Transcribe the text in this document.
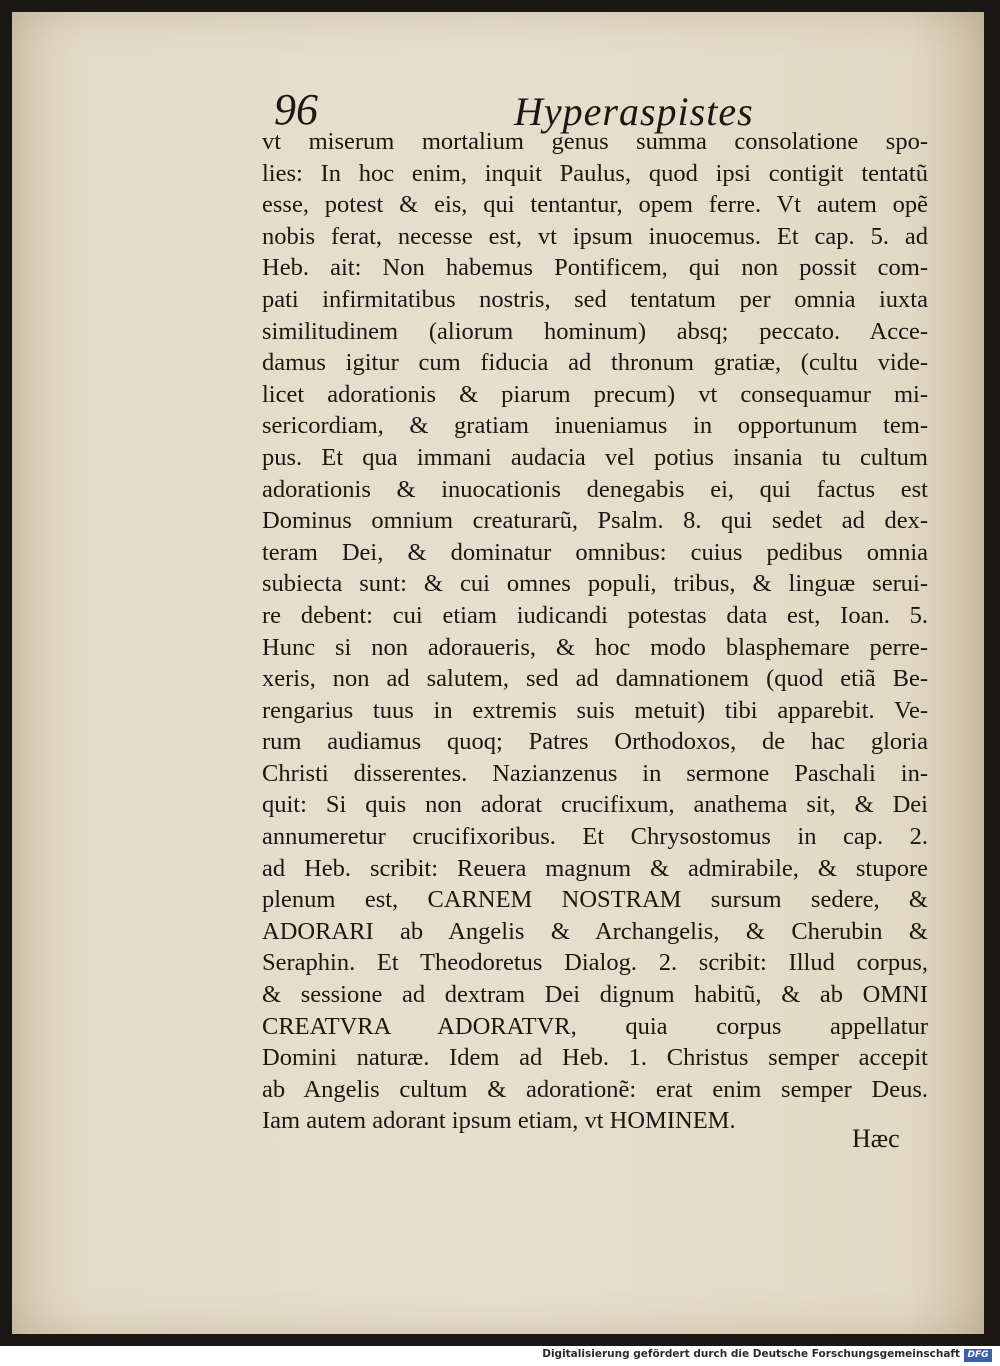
96	Hyperaspistes
vt miserum mortalium genus summa consolatione spo-
lies: In hoc enim, inquit Paulus, quod ipsi contigit tentatũ
esse, potest & eis, qui tentantur, opem ferre. Vt autem opẽ
nobis ferat, necesse est, vt ipsum inuocemus. Et cap. 5. ad
Heb. ait: Non habemus Pontificem, qui non possit com-
pati infirmitatibus nostris, sed tentatum per omnia iuxta
similitudinem (aliorum hominum) absq; peccato. Acce-
damus igitur cum fiducia ad thronum gratiæ, (cultu vide-
licet adorationis & piarum precum) vt consequamur mi-
sericordiam, & gratiam inueniamus in opportunum tem-
pus. Et qua immani audacia vel potius insania tu cultum
adorationis & inuocationis denegabis ei, qui factus est
Dominus omnium creaturarũ, Psalm. 8. qui sedet ad dex-
teram Dei, & dominatur omnibus: cuius pedibus omnia
subiecta sunt: & cui omnes populi, tribus, & linguæ serui-
re debent: cui etiam iudicandi potestas data est, Ioan. 5.
Hunc si non adoraueris, & hoc modo blasphemare perre-
xeris, non ad salutem, sed ad damnationem (quod etiã Be-
rengarius tuus in extremis suis metuit) tibi apparebit. Ve-
rum audiamus quoq; Patres Orthodoxos, de hac gloria
Christi disserentes. Nazianzenus in sermone Paschali in-
quit: Si quis non adorat crucifixum, anathema sit, & Dei
annumeretur crucifixoribus. Et Chrysostomus in cap. 2.
ad Heb. scribit: Reuera magnum & admirabile, & stupore
plenum est, CARNEM NOSTRAM sursum sedere, &
ADORARI ab Angelis & Archangelis, & Cherubin &
Seraphin. Et Theodoretus Dialog. 2. scribit: Illud corpus,
& sessione ad dextram Dei dignum habitũ, & ab OMNI
CREATVRA ADORATVR, quia corpus appellatur
Domini naturæ. Idem ad Heb. 1. Christus semper accepit
ab Angelis cultum & adorationẽ: erat enim semper Deus.
Iam autem adorant ipsum etiam, vt HOMINEM.
Hæc
Digitalisierung gefördert durch die Deutsche Forschungsgemeinschaft DFG
